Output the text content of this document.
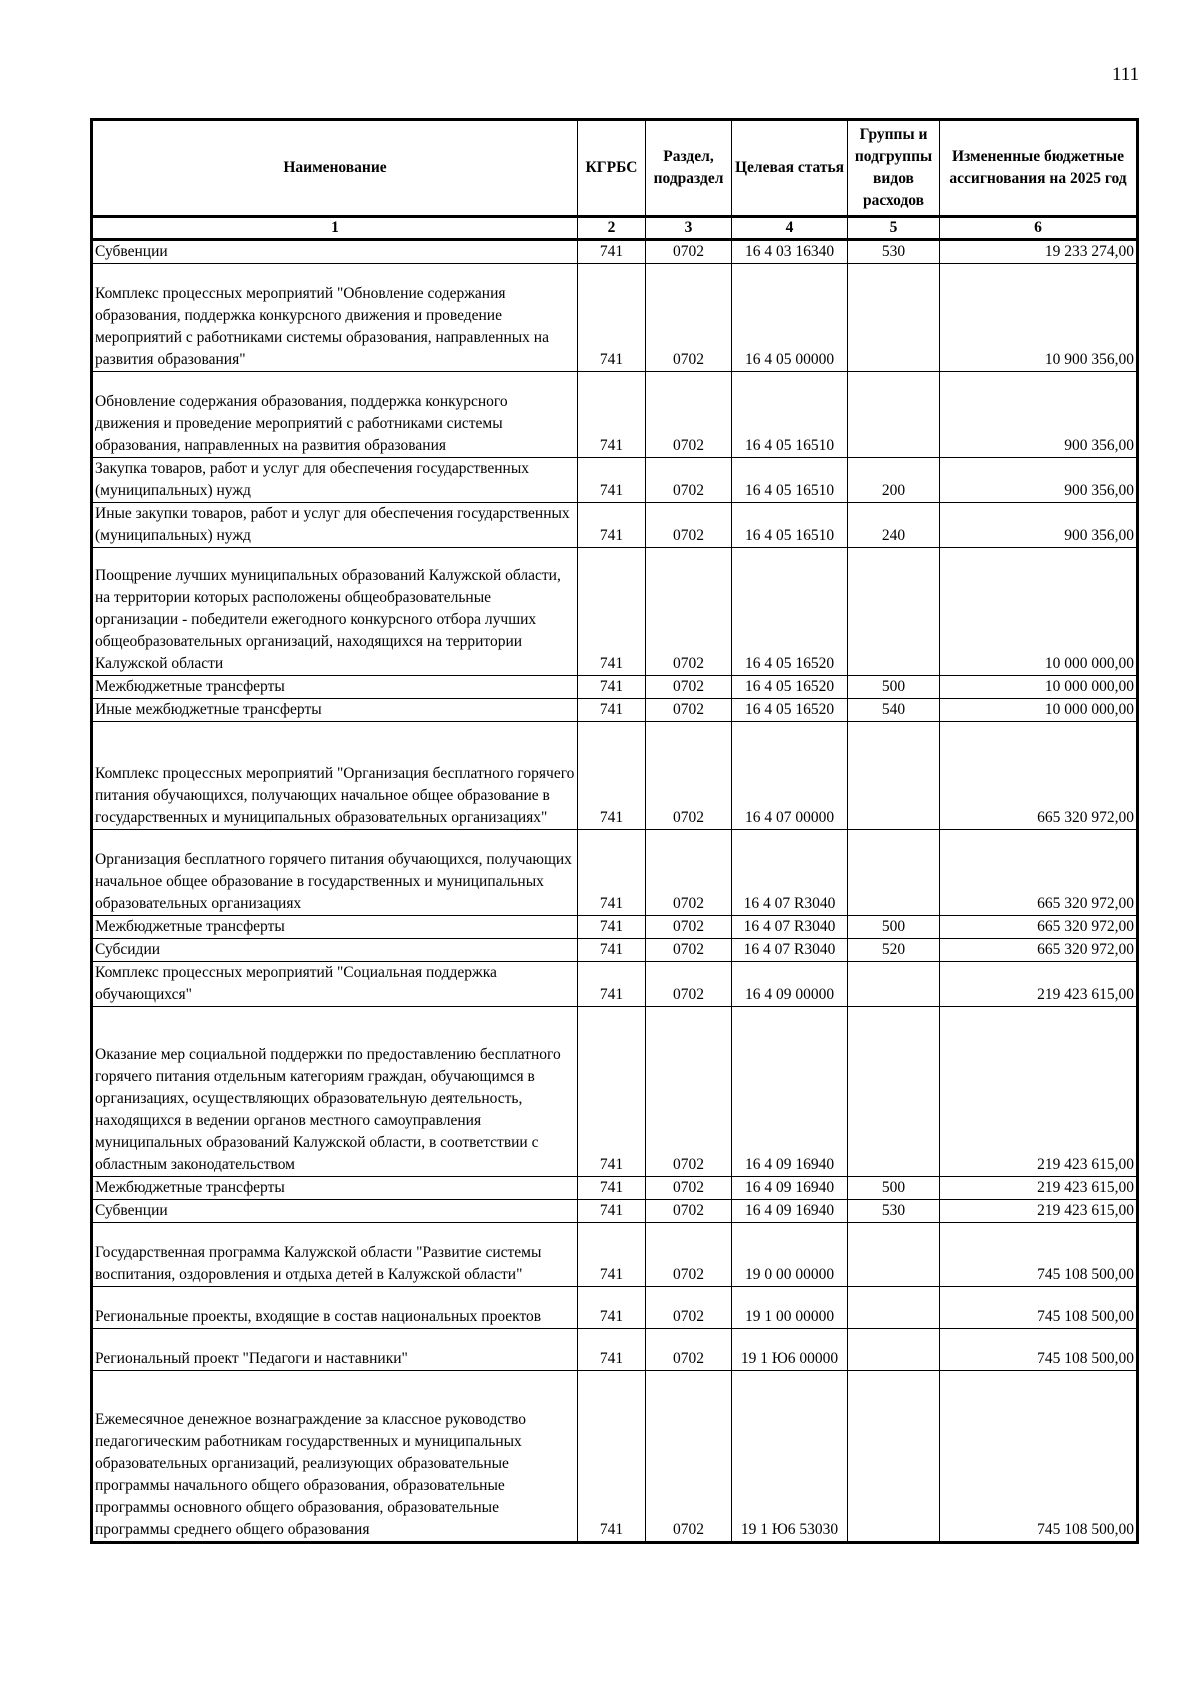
111
Наименование	КГРБС	Раздел, подраздел	Целевая статья	Группы и подгруппы видов расходов	Измененные бюджетные ассигнования на 2025 год
1	2	3	4	5	6
Субвенции	741	0702	16 4 03 16340	530	19 233 274,00
Комплекс процессных мероприятий "Обновление содержания образования, поддержка конкурсного движения и проведение мероприятий с работниками системы образования, направленных на развития образования"	741	0702	16 4 05 00000		10 900 356,00
Обновление содержания образования, поддержка конкурсного движения и проведение мероприятий с работниками системы образования, направленных на развития образования	741	0702	16 4 05 16510		900 356,00
Закупка товаров, работ и услуг для обеспечения государственных (муниципальных) нужд	741	0702	16 4 05 16510	200	900 356,00
Иные закупки товаров, работ и услуг для обеспечения государственных (муниципальных) нужд	741	0702	16 4 05 16510	240	900 356,00
Поощрение лучших муниципальных образований Калужской области, на территории которых расположены общеобразовательные организации - победители ежегодного конкурсного отбора лучших общеобразовательных организаций, находящихся на территории Калужской области	741	0702	16 4 05 16520		10 000 000,00
Межбюджетные трансферты	741	0702	16 4 05 16520	500	10 000 000,00
Иные межбюджетные трансферты	741	0702	16 4 05 16520	540	10 000 000,00
Комплекс процессных мероприятий "Организация бесплатного горячего питания обучающихся, получающих начальное общее образование в государственных и муниципальных образовательных организациях"	741	0702	16 4 07 00000		665 320 972,00
Организация бесплатного горячего питания обучающихся, получающих начальное общее образование в государственных и муниципальных образовательных организациях	741	0702	16 4 07 R3040		665 320 972,00
Межбюджетные трансферты	741	0702	16 4 07 R3040	500	665 320 972,00
Субсидии	741	0702	16 4 07 R3040	520	665 320 972,00
Комплекс процессных мероприятий "Социальная поддержка обучающихся"	741	0702	16 4 09 00000		219 423 615,00
Оказание мер социальной поддержки по предоставлению бесплатного горячего питания отдельным категориям граждан, обучающимся в организациях, осуществляющих образовательную деятельность, находящихся в ведении органов местного самоуправления муниципальных образований Калужской области, в соответствии с областным законодательством	741	0702	16 4 09 16940		219 423 615,00
Межбюджетные трансферты	741	0702	16 4 09 16940	500	219 423 615,00
Субвенции	741	0702	16 4 09 16940	530	219 423 615,00
Государственная программа Калужской области "Развитие системы воспитания, оздоровления и отдыха детей в Калужской области"	741	0702	19 0 00 00000		745 108 500,00
Региональные проекты, входящие в состав национальных проектов	741	0702	19 1 00 00000		745 108 500,00
Региональный проект "Педагоги и наставники"	741	0702	19 1 Ю6 00000		745 108 500,00
Ежемесячное денежное вознаграждение за классное руководство педагогическим работникам государственных и муниципальных образовательных организаций, реализующих образовательные программы начального общего образования, образовательные программы основного общего образования, образовательные программы среднего общего образования	741	0702	19 1 Ю6 53030		745 108 500,00
